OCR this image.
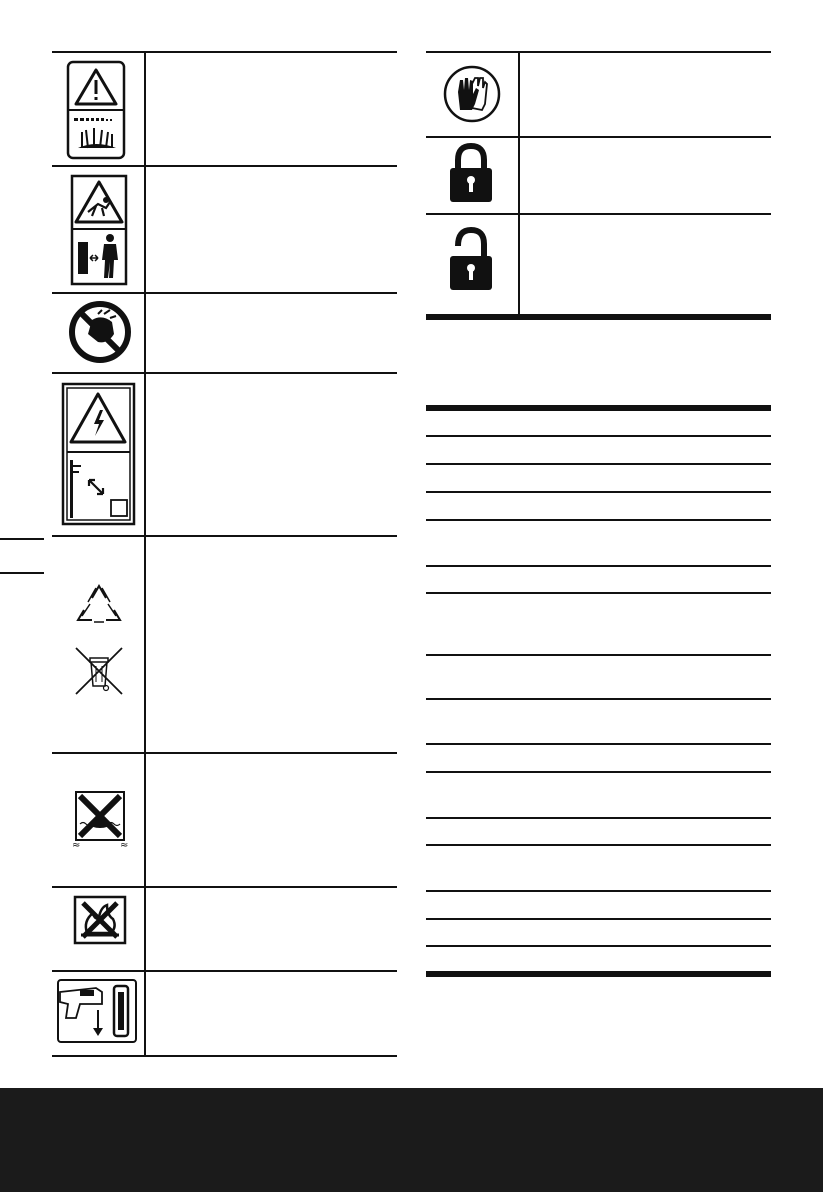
≈	≈
